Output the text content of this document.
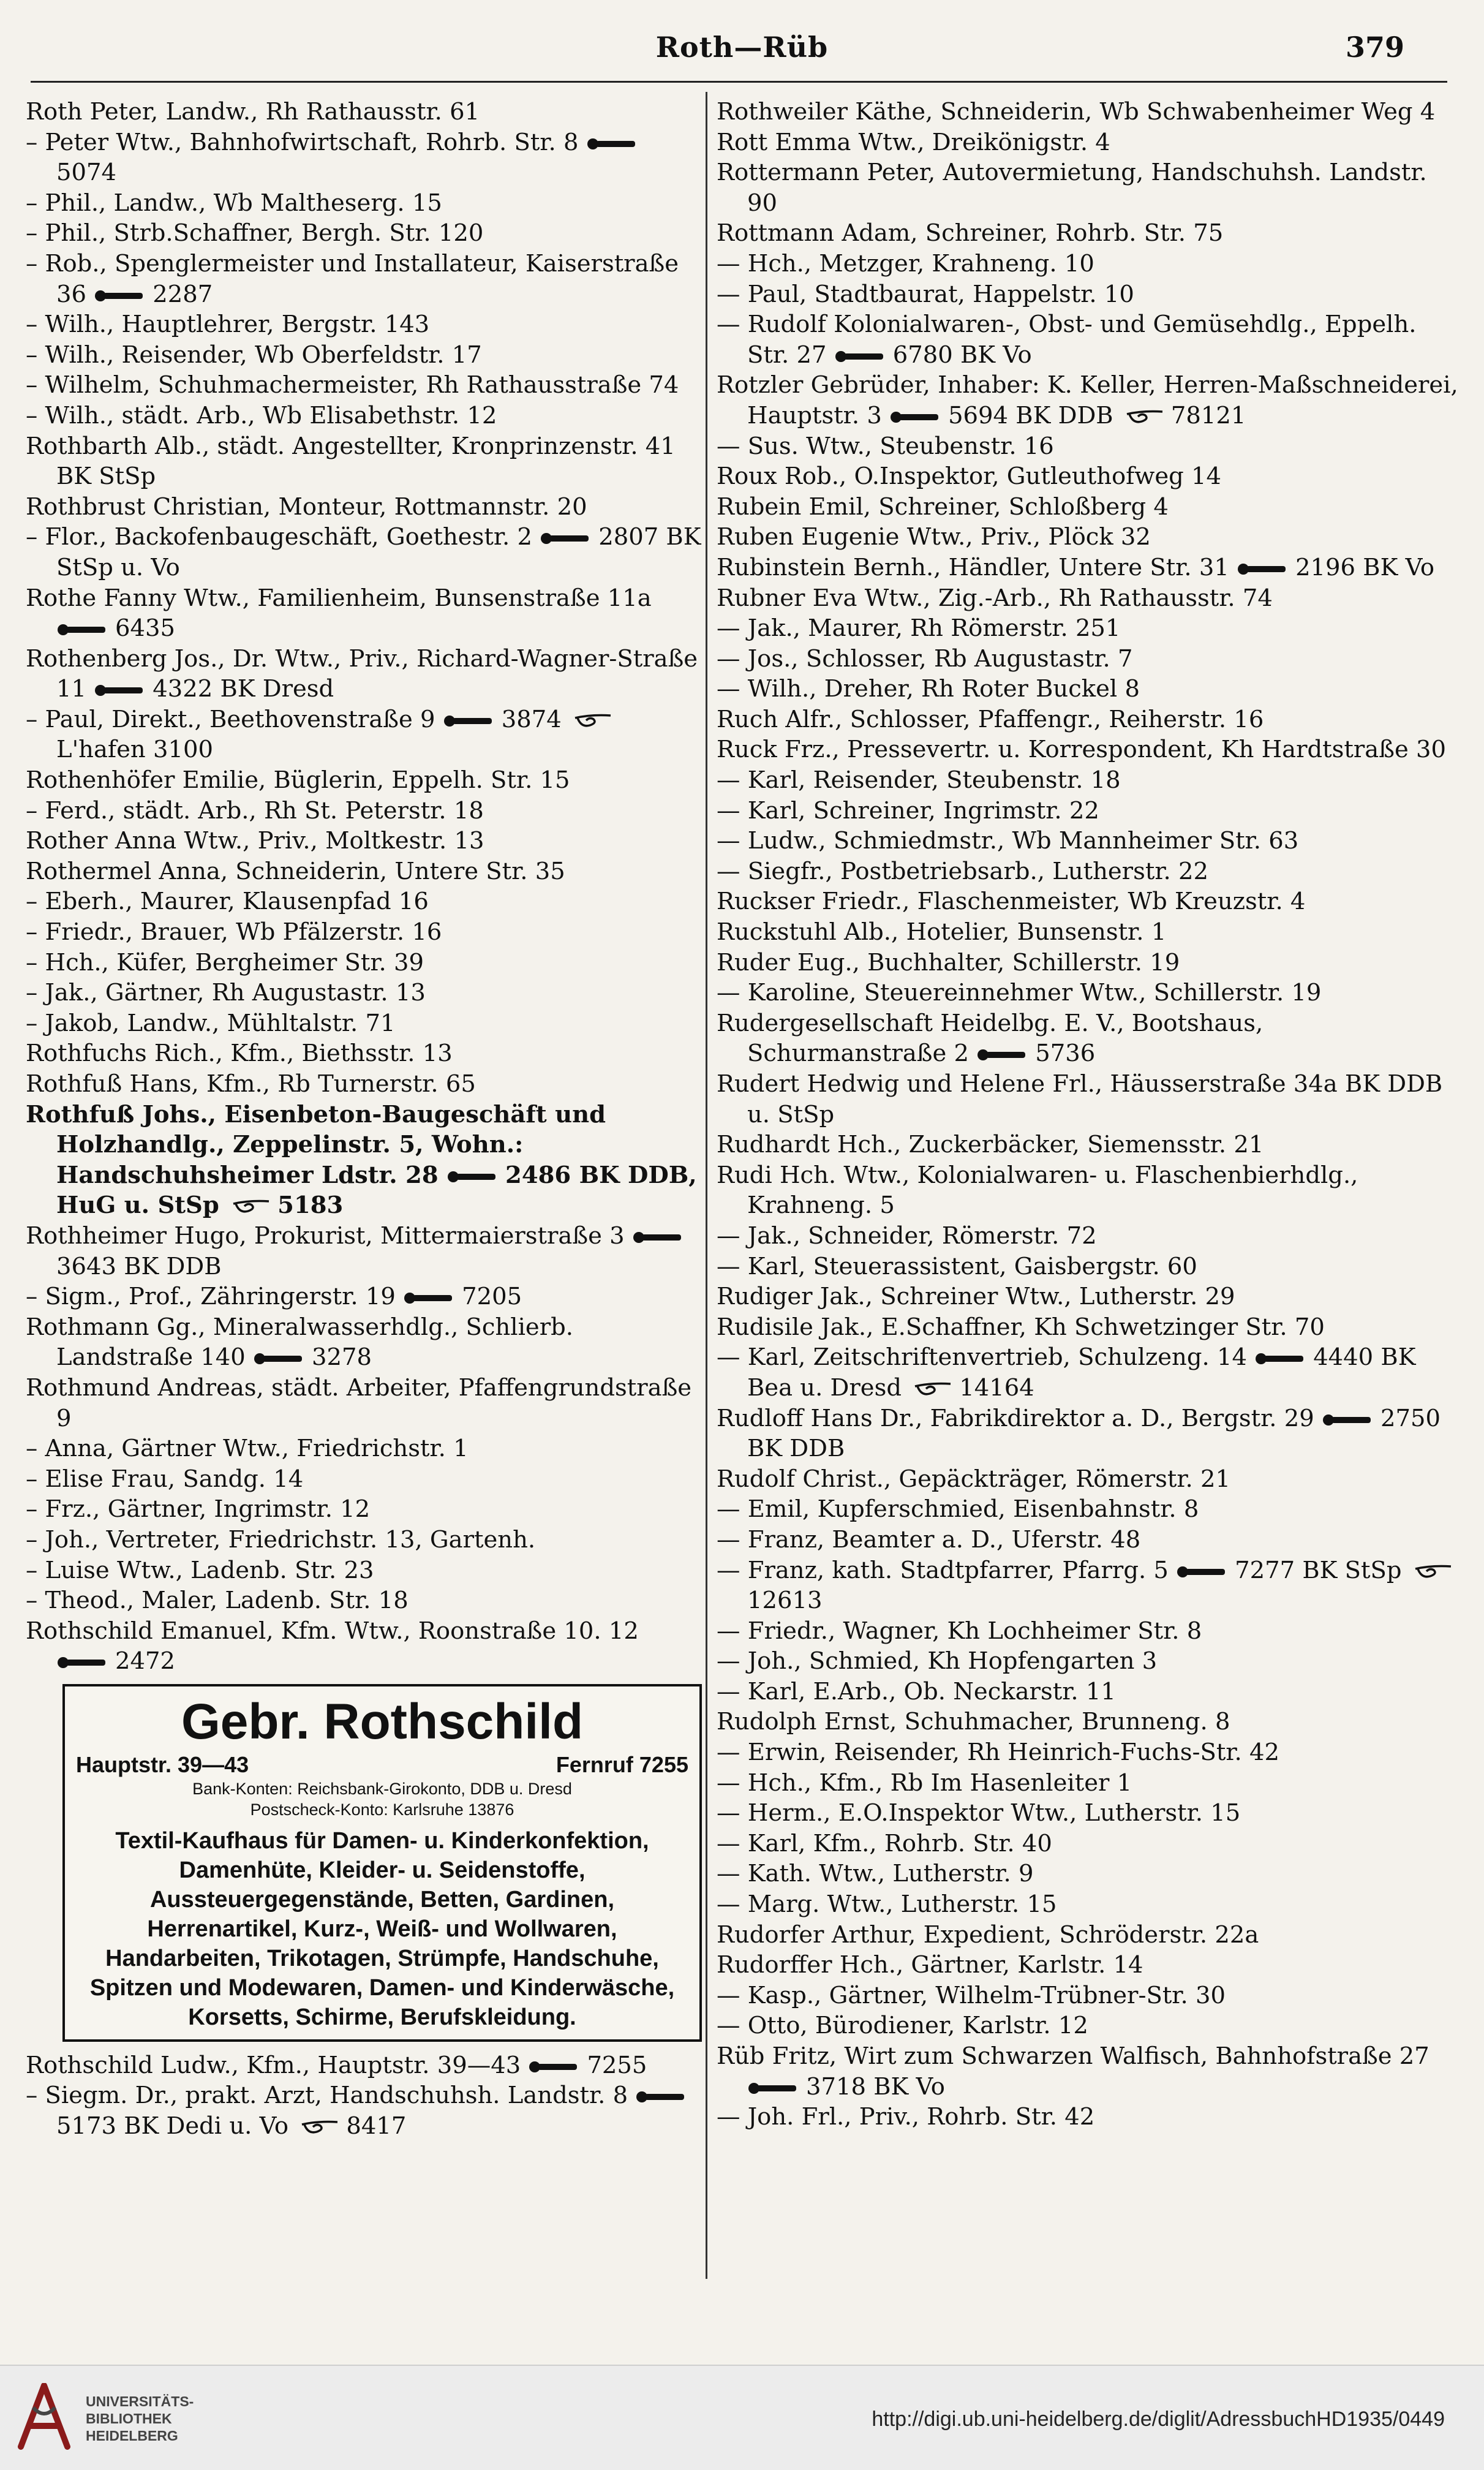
Roth—Rüb	379
Roth Peter, Landw., Rh Rathausstr. 61
– Peter Wtw., Bahnhofwirtschaft, Rohrb. Str. 8 5074
– Phil., Landw., Wb Maltheserg. 15
– Phil., Strb.Schaffner, Bergh. Str. 120
– Rob., Spenglermeister und Installateur, Kaiserstraße 36 2287
– Wilh., Hauptlehrer, Bergstr. 143
– Wilh., Reisender, Wb Oberfeldstr. 17
– Wilhelm, Schuhmachermeister, Rh Rathausstraße 74
– Wilh., städt. Arb., Wb Elisabethstr. 12
Rothbarth Alb., städt. Angestellter, Kronprinzenstr. 41 BK StSp
Rothbrust Christian, Monteur, Rottmannstr. 20
– Flor., Backofenbaugeschäft, Goethestr. 2 2807 BK StSp u. Vo
Rothe Fanny Wtw., Familienheim, Bunsenstraße 11a 6435
Rothenberg Jos., Dr. Wtw., Priv., Richard-Wagner-Straße 11 4322 BK Dresd
– Paul, Direkt., Beethovenstraße 9 3874 L'hafen 3100
Rothenhöfer Emilie, Büglerin, Eppelh. Str. 15
– Ferd., städt. Arb., Rh St. Peterstr. 18
Rother Anna Wtw., Priv., Moltkestr. 13
Rothermel Anna, Schneiderin, Untere Str. 35
– Eberh., Maurer, Klausenpfad 16
– Friedr., Brauer, Wb Pfälzerstr. 16
– Hch., Küfer, Bergheimer Str. 39
– Jak., Gärtner, Rh Augustastr. 13
– Jakob, Landw., Mühltalstr. 71
Rothfuchs Rich., Kfm., Biethsstr. 13
Rothfuß Hans, Kfm., Rb Turnerstr. 65
Rothfuß Johs., Eisenbeton-Baugeschäft und Holzhandlg., Zeppelinstr. 5, Wohn.: Handschuhsheimer Ldstr. 28 2486 BK DDB, HuG u. StSp 5183
Rothheimer Hugo, Prokurist, Mittermaierstraße 3 3643 BK DDB
– Sigm., Prof., Zähringerstr. 19 7205
Rothmann Gg., Mineralwasserhdlg., Schlierb. Landstraße 140 3278
Rothmund Andreas, städt. Arbeiter, Pfaffengrundstraße 9
– Anna, Gärtner Wtw., Friedrichstr. 1
– Elise Frau, Sandg. 14
– Frz., Gärtner, Ingrimstr. 12
– Joh., Vertreter, Friedrichstr. 13, Gartenh.
– Luise Wtw., Ladenb. Str. 23
– Theod., Maler, Ladenb. Str. 18
Rothschild Emanuel, Kfm. Wtw., Roonstraße 10. 12 2472
Gebr. Rothschild
Hauptstr. 39—43	Fernruf 7255
Bank-Konten: Reichsbank-Girokonto, DDB u. Dresd
Postscheck-Konto: Karlsruhe 13876
Textil-Kaufhaus für Damen- u. Kinderkonfektion, Damenhüte, Kleider- u. Seidenstoffe, Aussteuergegenstände, Betten, Gardinen, Herrenartikel, Kurz-, Weiß- und Wollwaren, Handarbeiten, Trikotagen, Strümpfe, Handschuhe, Spitzen und Modewaren, Damen- und Kinderwäsche, Korsetts, Schirme, Berufskleidung.
Rothschild Ludw., Kfm., Hauptstr. 39—43 7255
– Siegm. Dr., prakt. Arzt, Handschuhsh. Landstr. 8 5173 BK Dedi u. Vo 8417
Rothweiler Käthe, Schneiderin, Wb Schwabenheimer Weg 4
Rott Emma Wtw., Dreikönigstr. 4
Rottermann Peter, Autovermietung, Handschuhsh. Landstr. 90
Rottmann Adam, Schreiner, Rohrb. Str. 75
— Hch., Metzger, Krahneng. 10
— Paul, Stadtbaurat, Happelstr. 10
— Rudolf Kolonialwaren-, Obst- und Gemüsehdlg., Eppelh. Str. 27 6780 BK Vo
Rotzler Gebrüder, Inhaber: K. Keller, Herren-Maßschneiderei, Hauptstr. 3 5694 BK DDB 78121
— Sus. Wtw., Steubenstr. 16
Roux Rob., O.Inspektor, Gutleuthofweg 14
Rubein Emil, Schreiner, Schloßberg 4
Ruben Eugenie Wtw., Priv., Plöck 32
Rubinstein Bernh., Händler, Untere Str. 31 2196 BK Vo
Rubner Eva Wtw., Zig.-Arb., Rh Rathausstr. 74
— Jak., Maurer, Rh Römerstr. 251
— Jos., Schlosser, Rb Augustastr. 7
— Wilh., Dreher, Rh Roter Buckel 8
Ruch Alfr., Schlosser, Pfaffengr., Reiherstr. 16
Ruck Frz., Pressevertr. u. Korrespondent, Kh Hardtstraße 30
— Karl, Reisender, Steubenstr. 18
— Karl, Schreiner, Ingrimstr. 22
— Ludw., Schmiedmstr., Wb Mannheimer Str. 63
— Siegfr., Postbetriebsarb., Lutherstr. 22
Ruckser Friedr., Flaschenmeister, Wb Kreuzstr. 4
Ruckstuhl Alb., Hotelier, Bunsenstr. 1
Ruder Eug., Buchhalter, Schillerstr. 19
— Karoline, Steuereinnehmer Wtw., Schillerstr. 19
Rudergesellschaft Heidelbg. E. V., Bootshaus, Schurmanstraße 2 5736
Rudert Hedwig und Helene Frl., Häusserstraße 34a BK DDB u. StSp
Rudhardt Hch., Zuckerbäcker, Siemensstr. 21
Rudi Hch. Wtw., Kolonialwaren- u. Flaschenbierhdlg., Krahneng. 5
— Jak., Schneider, Römerstr. 72
— Karl, Steuerassistent, Gaisbergstr. 60
Rudiger Jak., Schreiner Wtw., Lutherstr. 29
Rudisile Jak., E.Schaffner, Kh Schwetzinger Str. 70
— Karl, Zeitschriftenvertrieb, Schulzeng. 14 4440 BK Bea u. Dresd 14164
Rudloff Hans Dr., Fabrikdirektor a. D., Bergstr. 29 2750 BK DDB
Rudolf Christ., Gepäckträger, Römerstr. 21
— Emil, Kupferschmied, Eisenbahnstr. 8
— Franz, Beamter a. D., Uferstr. 48
— Franz, kath. Stadtpfarrer, Pfarrg. 5 7277 BK StSp 12613
— Friedr., Wagner, Kh Lochheimer Str. 8
— Joh., Schmied, Kh Hopfengarten 3
— Karl, E.Arb., Ob. Neckarstr. 11
Rudolph Ernst, Schuhmacher, Brunneng. 8
— Erwin, Reisender, Rh Heinrich-Fuchs-Str. 42
— Hch., Kfm., Rb Im Hasenleiter 1
— Herm., E.O.Inspektor Wtw., Lutherstr. 15
— Karl, Kfm., Rohrb. Str. 40
— Kath. Wtw., Lutherstr. 9
— Marg. Wtw., Lutherstr. 15
Rudorfer Arthur, Expedient, Schröderstr. 22a
Rudorffer Hch., Gärtner, Karlstr. 14
— Kasp., Gärtner, Wilhelm-Trübner-Str. 30
— Otto, Bürodiener, Karlstr. 12
Rüb Fritz, Wirt zum Schwarzen Walfisch, Bahnhofstraße 27 3718 BK Vo
— Joh. Frl., Priv., Rohrb. Str. 42
UNIVERSITÄTS-
BIBLIOTHEK
HEIDELBERG
http://digi.ub.uni-heidelberg.de/diglit/AdressbuchHD1935/0449
